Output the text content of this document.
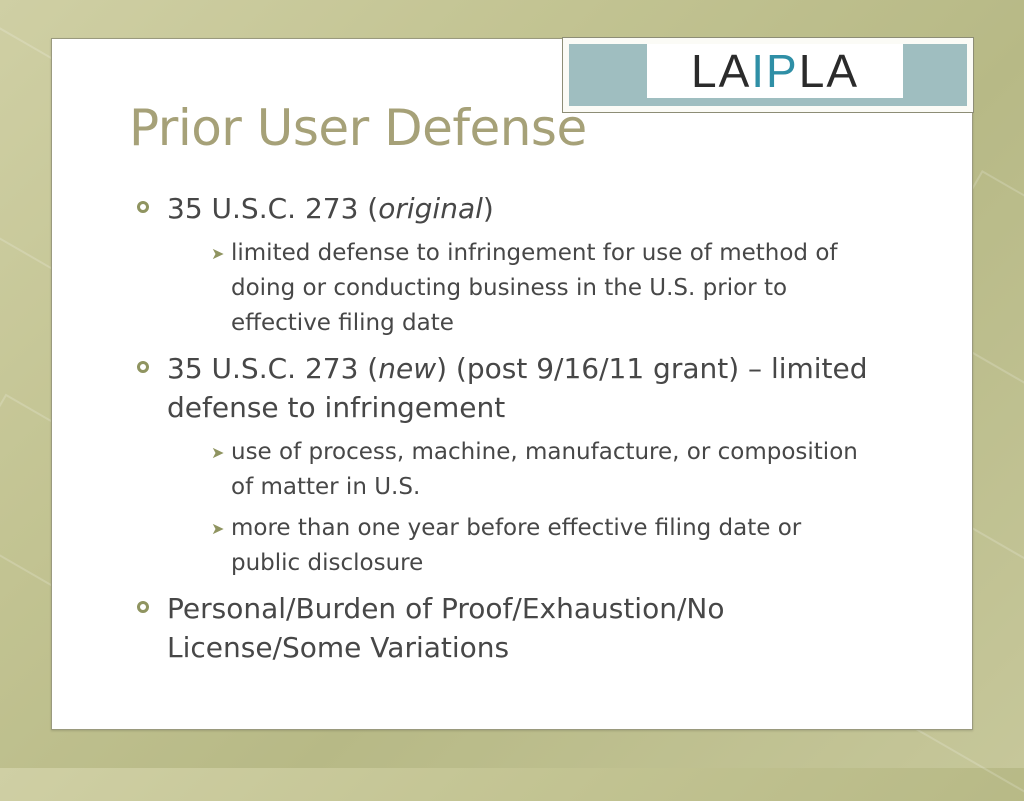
LA IP LA
Prior User Defense
35 U.S.C. 273 (original)
➤ limited defense to infringement for use of method of doing or conducting business in the U.S. prior to effective filing date
35 U.S.C. 273 (new) (post 9/16/11 grant) – limited defense to infringement
➤ use of process, machine, manufacture, or composition of matter in U.S.
➤ more than one year before effective filing date or public disclosure
Personal/Burden of Proof/Exhaustion/No License/Some Variations
